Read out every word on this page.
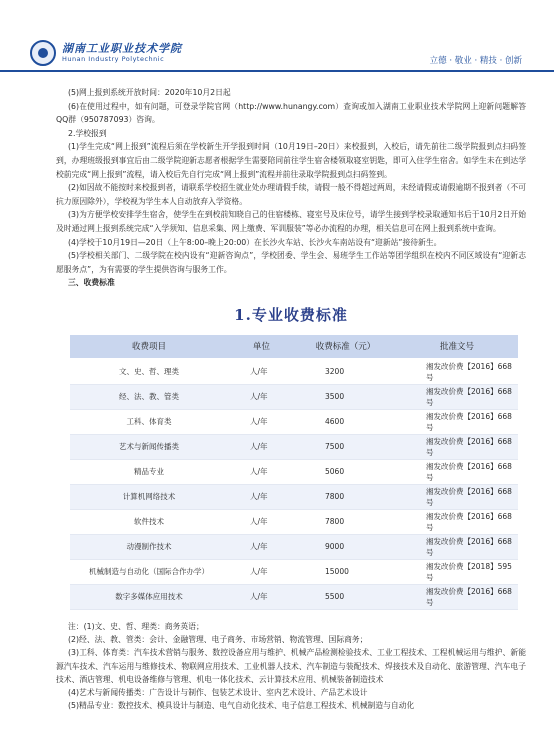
湖南工业职业技术学院
Hunan Industry Polytechnic	立德 · 敬业 · 精技 · 创新

(5)网上报到系统开放时间：2020年10月2日起

(6)在使用过程中，如有问题，可登录学院官网（http://www.hunangy.com）查询或加入湖南工业职业技术学院网上迎新问题解答QQ群（950787093）咨询。

2.学校报到

(1)学生完成“网上报到”流程后须在学校新生开学报到时间（10月19日–20日）来校报到，入校后，请先前往二级学院报到点扫码签到，办理班级报到事宜后由二级学院迎新志愿者根据学生需要陪同前往学生宿舍楼领取寝室钥匙，即可入住学生宿舍。如学生未在到达学校前完成“网上报到”流程，请入校后先自行完成“网上报到”流程并前往录取学院报到点扫码签到。

(2)如因故不能按时来校报到者，请联系学校招生就业处办理请假手续，请假一般不得超过两周，未经请假或请假逾期不报到者（不可抗力原因除外），学校视为学生本人自动放弃入学资格。

(3)为方便学校安排学生宿舍，使学生在到校前知晓自己的住宿楼栋、寝室号及床位号，请学生接到学校录取通知书后于10月2日开始及时通过网上报到系统完成“入学须知、信息采集、网上缴费、军训服装”等必办流程的办理，相关信息可在网上报到系统中查询。

(4)学校于10月19日—20日（上午8:00–晚上20:00）在长沙火车站、长沙火车南站设有“迎新站”接待新生。

(5)学校相关部门、二级学院在校内设有“迎新咨询点”，学校团委、学生会、易班学生工作站等团学组织在校内不同区域设有“迎新志愿服务点”，为有需要的学生提供咨询与服务工作。

三、收费标准

1.专业收费标准
收费项目	单位	收费标准（元）	批准文号
文、史、哲、理类	人/年	3200	湘发改价费【2016】668号
经、法、教、管类	人/年	3500	湘发改价费【2016】668号
工科、体育类	人/年	4600	湘发改价费【2016】668号
艺术与新闻传播类	人/年	7500	湘发改价费【2016】668号
精品专业	人/年	5060	湘发改价费【2016】668号
计算机网络技术	人/年	7800	湘发改价费【2016】668号
软件技术	人/年	7800	湘发改价费【2016】668号
动漫制作技术	人/年	9000	湘发改价费【2016】668号
机械制造与自动化（国际合作办学）	人/年	15000	湘发改价费【2018】595号
数字多媒体应用技术	人/年	5500	湘发改价费【2016】668号

注：(1)文、史、哲、理类：商务英语；

(2)经、法、教、管类：会计、金融管理、电子商务、市场营销、物流管理、国际商务；

(3)工科、体育类：汽车技术营销与服务、数控设备应用与维护、机械产品检测检验技术、工业工程技术、工程机械运用与维护、新能源汽车技术、汽车运用与维修技术、物联网应用技术、工业机器人技术、汽车制造与装配技术、焊接技术及自动化、旅游管理、汽车电子技术、酒店管理、机电设备维修与管理、机电一体化技术、云计算技术应用、机械装备制造技术

(4)艺术与新闻传播类：广告设计与制作、包装艺术设计、室内艺术设计、产品艺术设计

(5)精品专业：数控技术、模具设计与制造、电气自动化技术、电子信息工程技术、机械制造与自动化
